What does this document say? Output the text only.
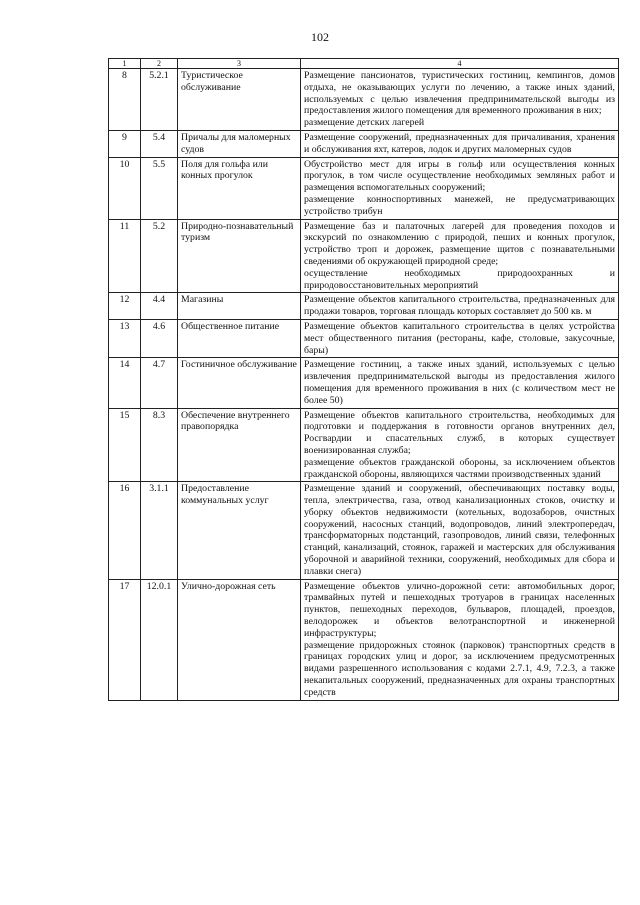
102
1	2	3	4
8	5.2.1	Туристическое обслуживание	Размещение пансионатов, туристических гостиниц, кемпингов, домов отдыха, не оказывающих услуги по лечению, а также иных зданий, используемых с целью извлечения предпринимательской выгоды из предоставления жилого помещения для временного проживания в них;
размещение детских лагерей

9	5.4	Причалы для маломерных судов	Размещение сооружений, предназначенных для причаливания, хранения и обслуживания яхт, катеров, лодок и других маломерных судов

10	5.5	Поля для гольфа или конных прогулок	Обустройство мест для игры в гольф или осуществления конных прогулок, в том числе осуществление необходимых земляных работ и размещения вспомогательных сооружений;
размещение конноспортивных манежей, не предусматривающих устройство трибун

11	5.2	Природно-познавательный туризм	Размещение баз и палаточных лагерей для проведения походов и экскурсий по ознакомлению с природой, пеших и конных прогулок, устройство троп и дорожек, размещение щитов с познавательными сведениями об окружающей природной среде;
осуществление необходимых природоохранных и природовосстановительных мероприятий

12	4.4	Магазины	Размещение объектов капитального строительства, предназначенных для продажи товаров, торговая площадь которых составляет до 500 кв. м

13	4.6	Общественное питание	Размещение объектов капитального строительства в целях устройства мест общественного питания (рестораны, кафе, столовые, закусочные, бары)

14	4.7	Гостиничное обслуживание	Размещение гостиниц, а также иных зданий, используемых с целью извлечения предпринимательской выгоды из предоставления жилого помещения для временного проживания в них (с количеством мест не более 50)

15	8.3	Обеспечение внутреннего правопорядка	Размещение объектов капитального строительства, необходимых для подготовки и поддержания в готовности органов внутренних дел, Росгвардии и спасательных служб, в которых существует военизированная служба;
размещение объектов гражданской обороны, за исключением объектов гражданской обороны, являющихся частями производственных зданий

16	3.1.1	Предоставление коммунальных услуг	Размещение зданий и сооружений, обеспечивающих поставку воды, тепла, электричества, газа, отвод канализационных стоков, очистку и уборку объектов недвижимости (котельных, водозаборов, очистных сооружений, насосных станций, водопроводов, линий электропередач, трансформаторных подстанций, газопроводов, линий связи, телефонных станций, канализаций, стоянок, гаражей и мастерских для обслуживания уборочной и аварийной техники, сооружений, необходимых для сбора и плавки снега)

17	12.0.1	Улично-дорожная сеть	Размещение объектов улично-дорожной сети: автомобильных дорог, трамвайных путей и пешеходных тротуаров в границах населенных пунктов, пешеходных переходов, бульваров, площадей, проездов, велодорожек и объектов велотранспортной и инженерной инфраструктуры;
размещение придорожных стоянок (парковок) транспортных средств в границах городских улиц и дорог, за исключением предусмотренных видами разрешенного использования с кодами 2.7.1, 4.9, 7.2.3, а также некапитальных сооружений, предназначенных для охраны транспортных средств
